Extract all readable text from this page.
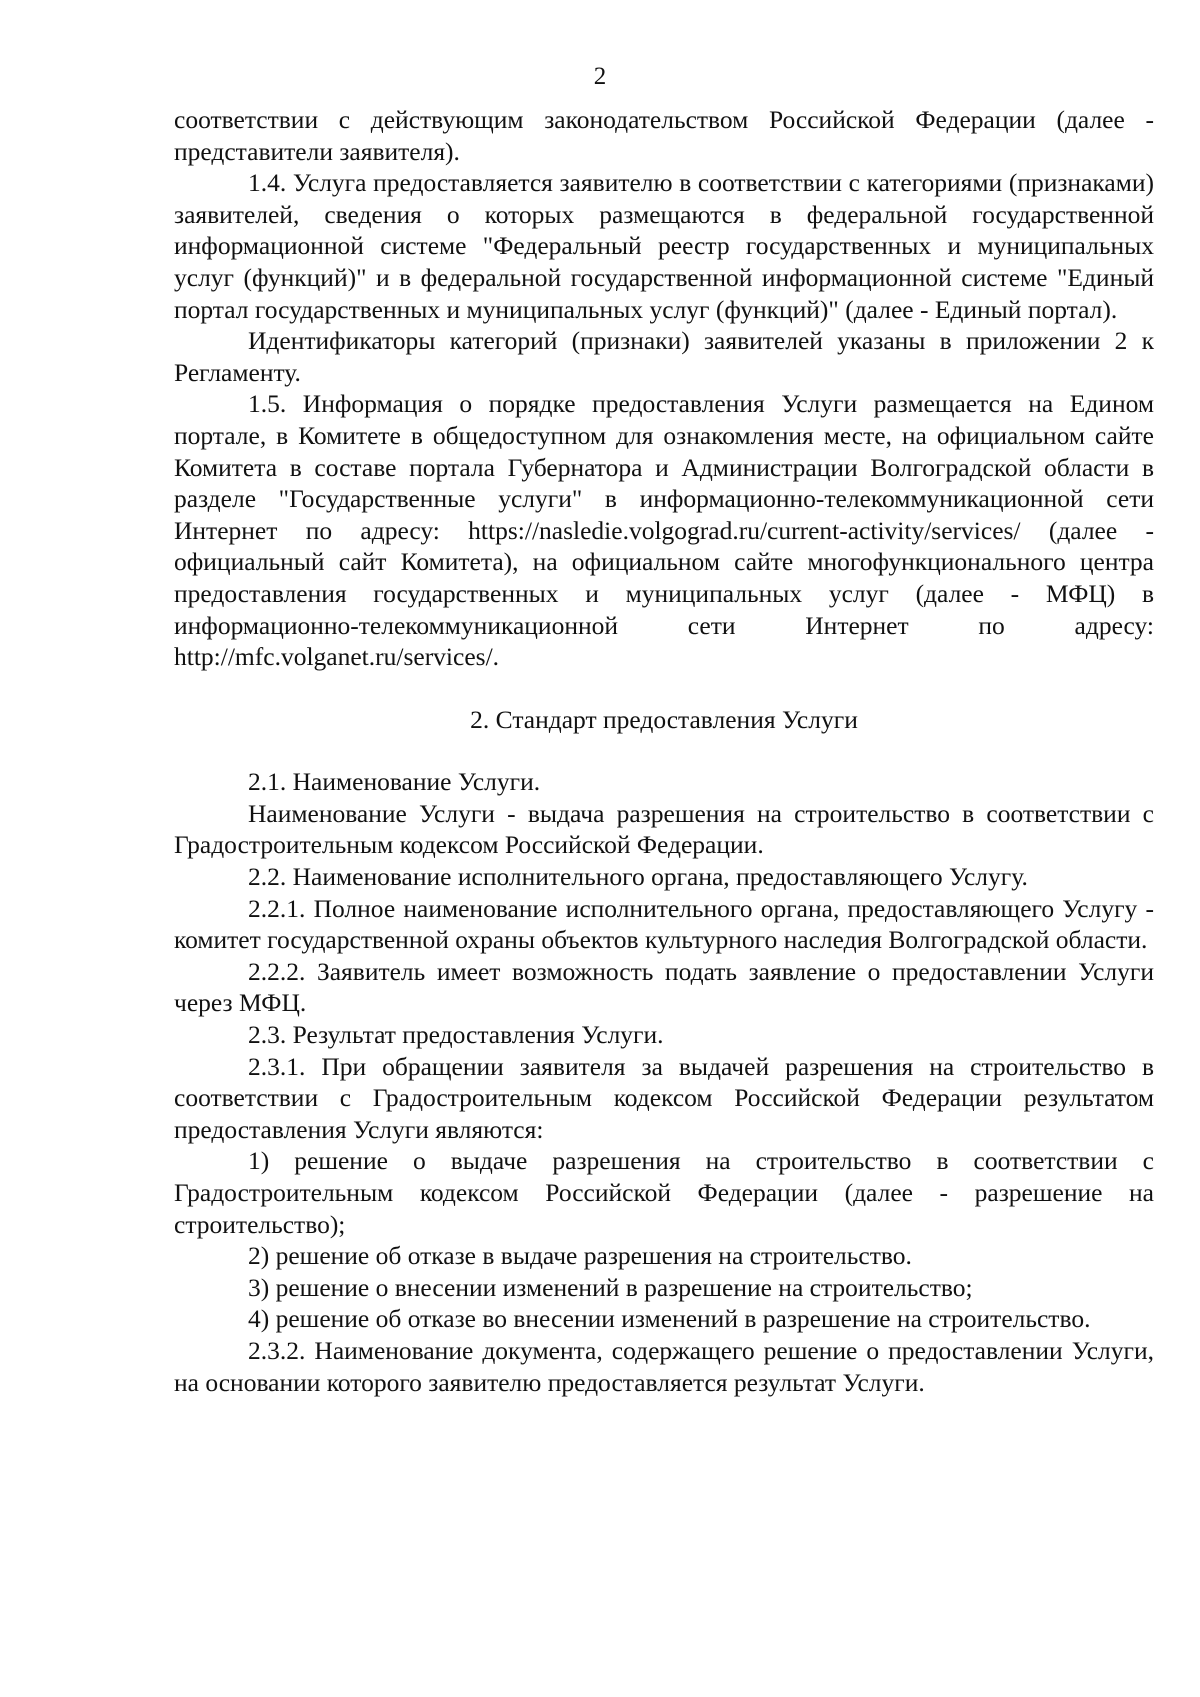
2

соответствии с действующим законодательством Российской Федерации (далее - представители заявителя).

1.4. Услуга предоставляется заявителю в соответствии с категориями (признаками) заявителей, сведения о которых размещаются в федеральной государственной информационной системе "Федеральный реестр государственных и муниципальных услуг (функций)" и в федеральной государственной информационной системе "Единый портал государственных и муниципальных услуг (функций)" (далее - Единый портал).

Идентификаторы категорий (признаки) заявителей указаны в приложении 2 к Регламенту.

1.5. Информация о порядке предоставления Услуги размещается на Едином портале, в Комитете в общедоступном для ознакомления месте, на официальном сайте Комитета в составе портала Губернатора и Администрации Волгоградской области в разделе "Государственные услуги" в информационно-телекоммуникационной сети Интернет по адресу: https://nasledie.volgograd.ru/current-activity/services/ (далее - официальный сайт Комитета), на официальном сайте многофункционального центра предоставления государственных и муниципальных услуг (далее - МФЦ) в информационно-телекоммуникационной сети Интернет по адресу: http://mfc.volganet.ru/services/.

2. Стандарт предоставления Услуги

2.1. Наименование Услуги.

Наименование Услуги - выдача разрешения на строительство в соответствии с Градостроительным кодексом Российской Федерации.

2.2. Наименование исполнительного органа, предоставляющего Услугу.

2.2.1. Полное наименование исполнительного органа, предоставляющего Услугу - комитет государственной охраны объектов культурного наследия Волгоградской области.

2.2.2. Заявитель имеет возможность подать заявление о предоставлении Услуги через МФЦ.

2.3. Результат предоставления Услуги.

2.3.1. При обращении заявителя за выдачей разрешения на строительство в соответствии с Градостроительным кодексом Российской Федерации результатом предоставления Услуги являются:

1) решение о выдаче разрешения на строительство в соответствии с Градостроительным кодексом Российской Федерации (далее - разрешение на строительство);

2) решение об отказе в выдаче разрешения на строительство.

3) решение о внесении изменений в разрешение на строительство;

4) решение об отказе во внесении изменений в разрешение на строительство.

2.3.2. Наименование документа, содержащего решение о предоставлении Услуги, на основании которого заявителю предоставляется результат Услуги.
